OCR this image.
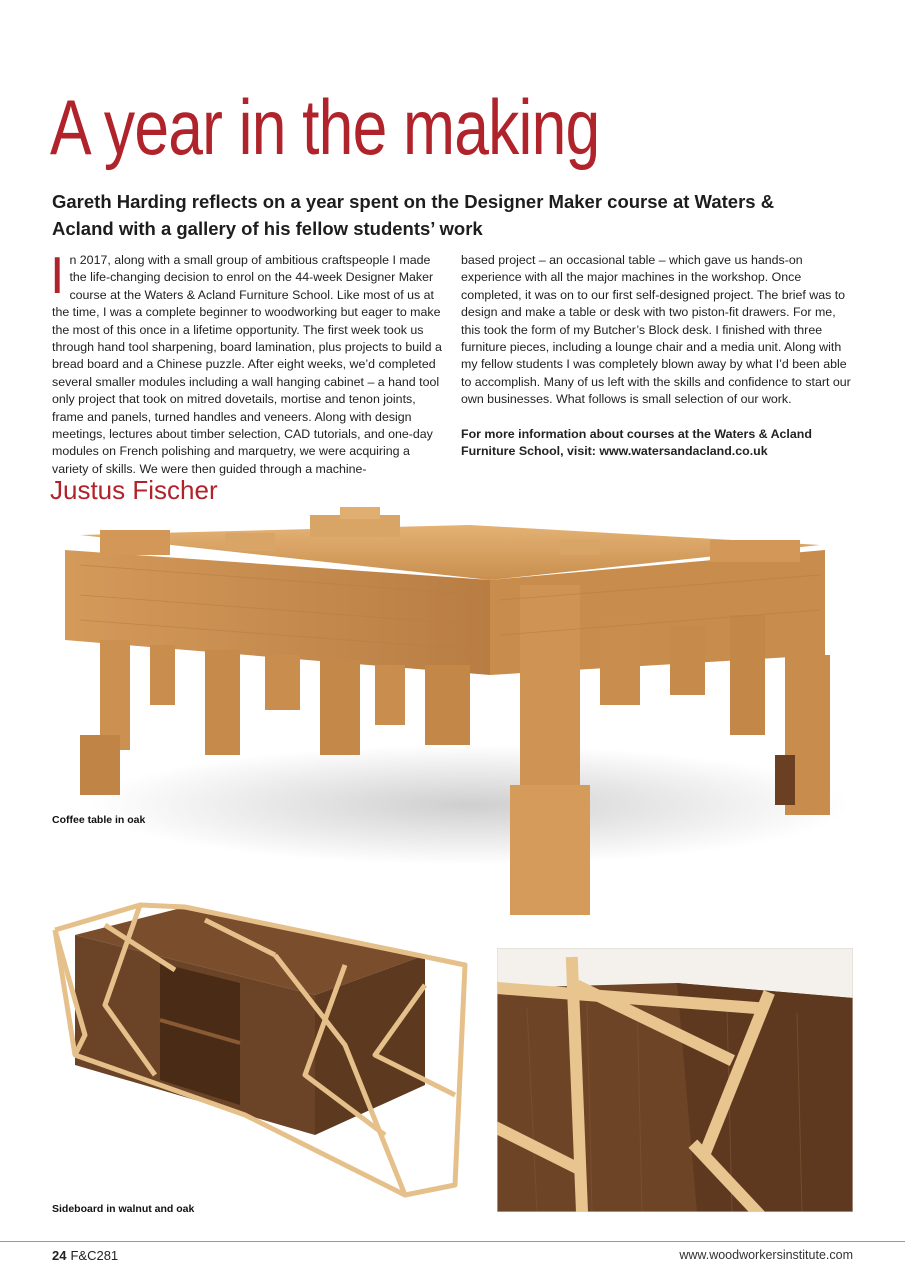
A year in the making

Gareth Harding reflects on a year spent on the Designer Maker course at Waters & Acland with a gallery of his fellow students’ work

In 2017, along with a small group of ambitious craftspeople I made the life-changing decision to enrol on the 44-week Designer Maker course at the Waters & Acland Furniture School. Like most of us at the time, I was a complete beginner to woodworking but eager to make the most of this once in a lifetime opportunity. The first week took us through hand tool sharpening, board lamination, plus projects to build a bread board and a Chinese puzzle. After eight weeks, we’d completed several smaller modules including a wall hanging cabinet – a hand tool only project that took on mitred dovetails, mortise and tenon joints, frame and panels, turned handles and veneers. Along with design meetings, lectures about timber selection, CAD tutorials, and one-day modules on French polishing and marquetry, we were acquiring a variety of skills. We were then guided through a machine-

based project – an occasional table – which gave us hands-on experience with all the major machines in the workshop. Once completed, it was on to our first self-designed project. The brief was to design and make a table or desk with two piston-fit drawers. For me, this took the form of my Butcher’s Block desk. I finished with three furniture pieces, including a lounge chair and a media unit. Along with my fellow students I was completely blown away by what I’d been able to accomplish. Many of us left with the skills and confidence to start our own businesses. What follows is small selection of our work.

For more information about courses at the Waters & Acland Furniture School, visit: www.watersandacland.co.uk

Justus Fischer

Coffee table in oak

Sideboard in walnut and oak

24 F&C281	www.woodworkersinstitute.com
